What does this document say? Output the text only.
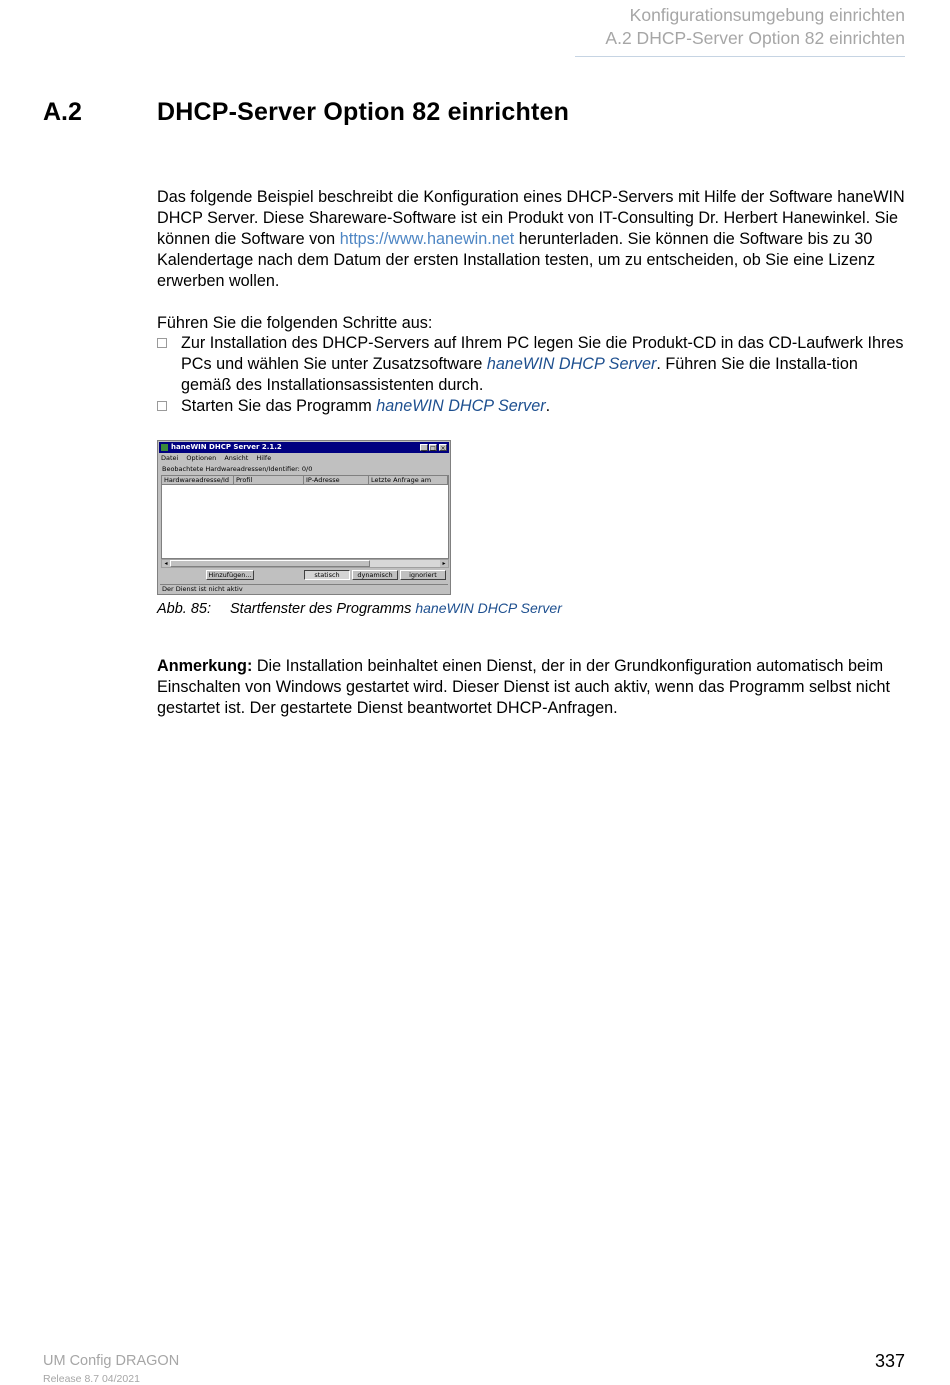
Konfigurationsumgebung einrichten
A.2 DHCP-Server Option 82 einrichten
A.2	DHCP-Server Option 82 einrichten
Das folgende Beispiel beschreibt die Konfiguration eines DHCP-Servers mit Hilfe der Software haneWIN DHCP Server. Diese Shareware-Software ist ein Produkt von IT-Consulting Dr. Herbert Hanewinkel. Sie können die Software von https://www.hanewin.net herunterladen. Sie können die Software bis zu 30 Kalendertage nach dem Datum der ersten Installation testen, um zu entscheiden, ob Sie eine Lizenz erwerben wollen.
Führen Sie die folgenden Schritte aus:
Zur Installation des DHCP-Servers auf Ihrem PC legen Sie die Produkt-CD in das CD-Laufwerk Ihres PCs und wählen Sie unter Zusatzsoftware haneWIN DHCP Server. Führen Sie die Installa-tion gemäß des Installationsassistenten durch.
Starten Sie das Programm haneWIN DHCP Server.
haneWIN DHCP Server 2.1.2	_ □ ×
Datei Optionen Ansicht Hilfe
Beobachtete Hardwareadressen/Identifier: 0/0
Hardwareadresse/Id	Profil	IP-Adresse	Letzte Anfrage am
◂	▸
Hinzufügen...	statisch	dynamisch	ignoriert
Der Dienst ist nicht aktiv
Abb. 85: Startfenster des Programms haneWIN DHCP Server
Anmerkung: Die Installation beinhaltet einen Dienst, der in der Grundkonfiguration automatisch beim Einschalten von Windows gestartet wird. Dieser Dienst ist auch aktiv, wenn das Programm selbst nicht gestartet ist. Der gestartete Dienst beantwortet DHCP-Anfragen.
UM Config DRAGON
Release 8.7 04/2021
337
